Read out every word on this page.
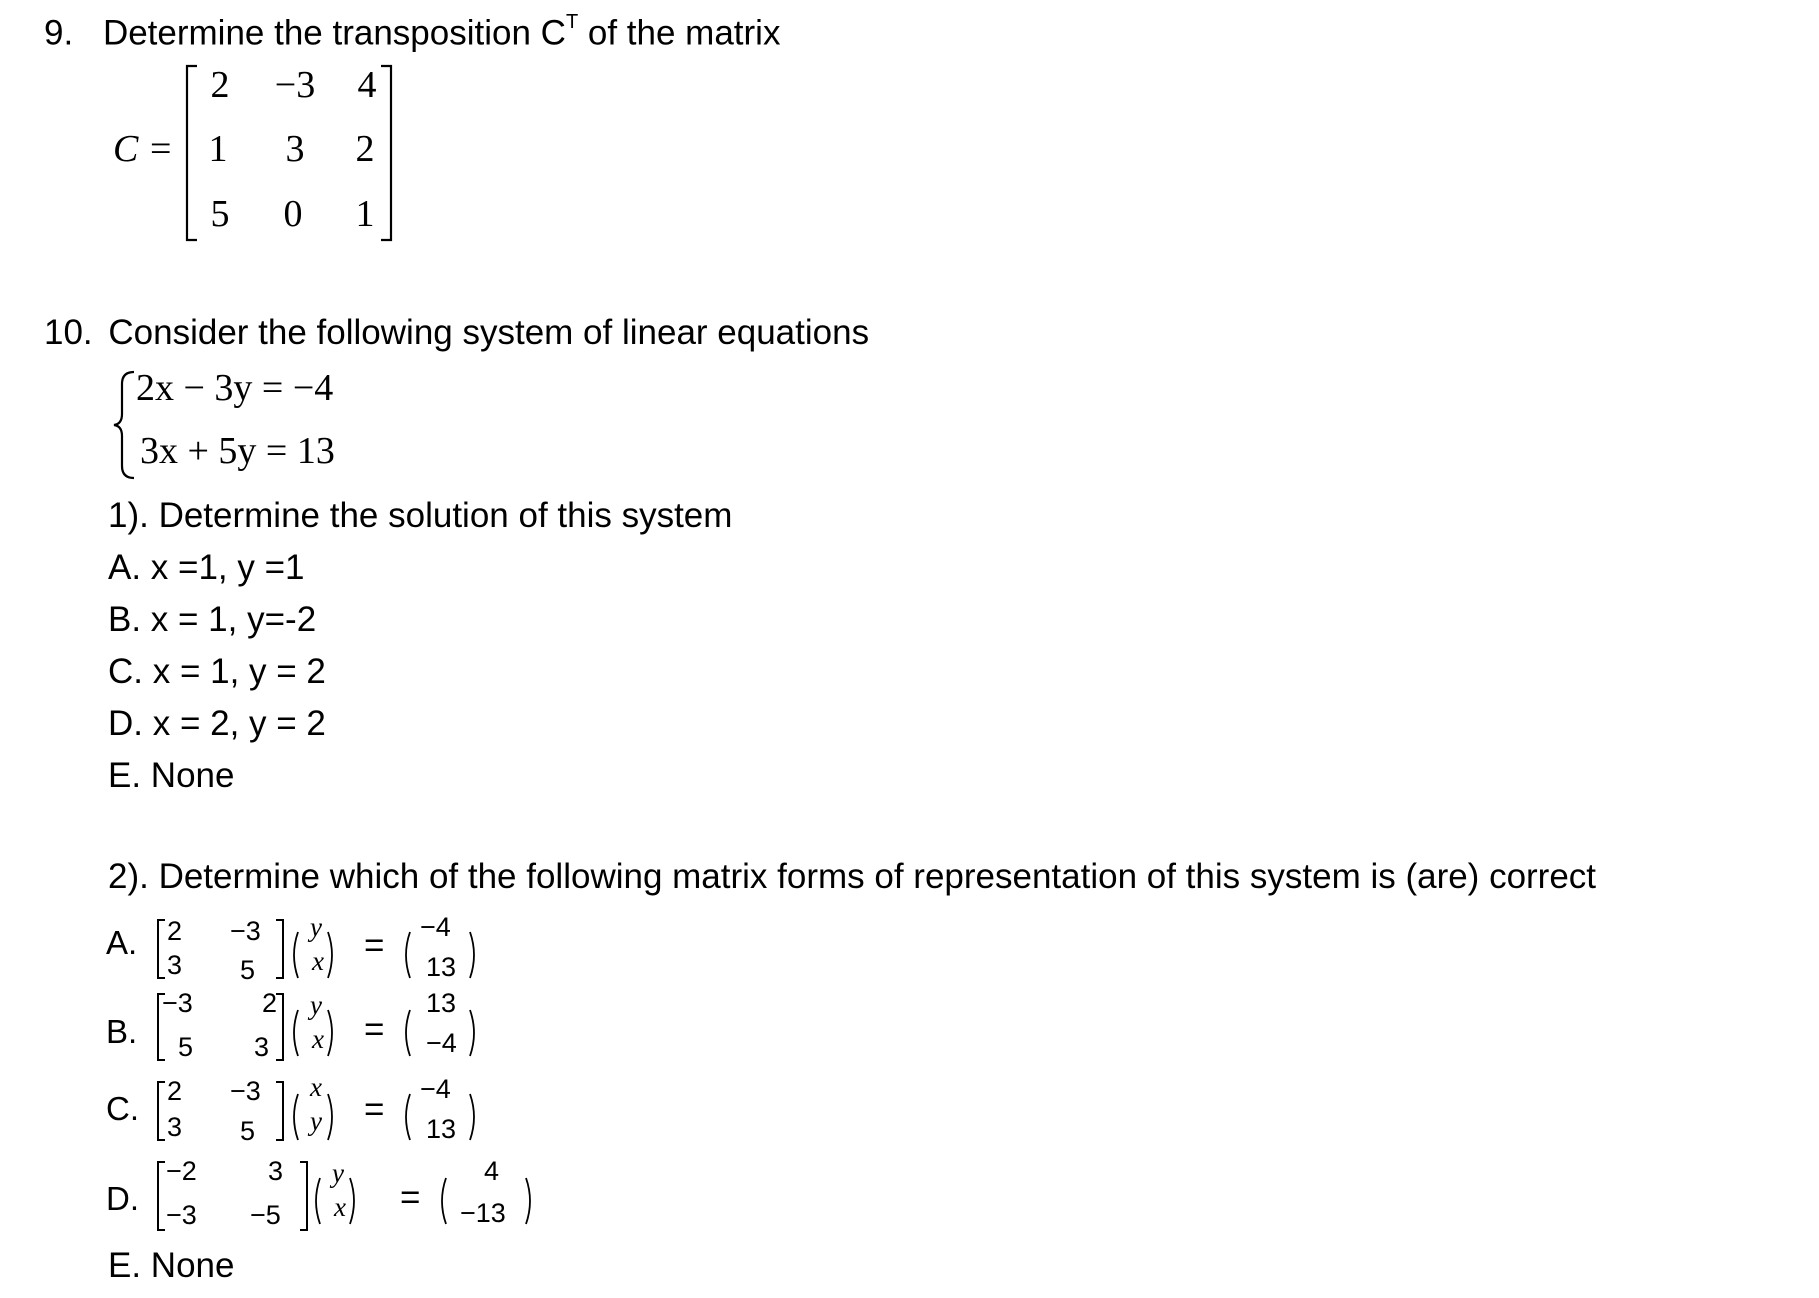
9. Determine the transposition $C^T$ of the matrix
C =
2 −3 4
1 3 2
5 0 1
10. Consider the following system of linear equations
2x − 3y = −4
3x + 5y = 13
1). Determine the solution of this system
A. x =1, y =1
B. x = 1, y=-2
C. x = 1, y = 2
D. x = 2, y = 2
E. None
2). Determine which of the following matrix forms of representation of this system is (are) correct
A. 2 −3
3 5
y
x = −4
13
B.
−3	2
5 3
y
x =
13
−4
C. 2 −3
3 5
x
y =
−4
13
D.
−2	3
−3 −5
y
x =
4
−13
E. None
